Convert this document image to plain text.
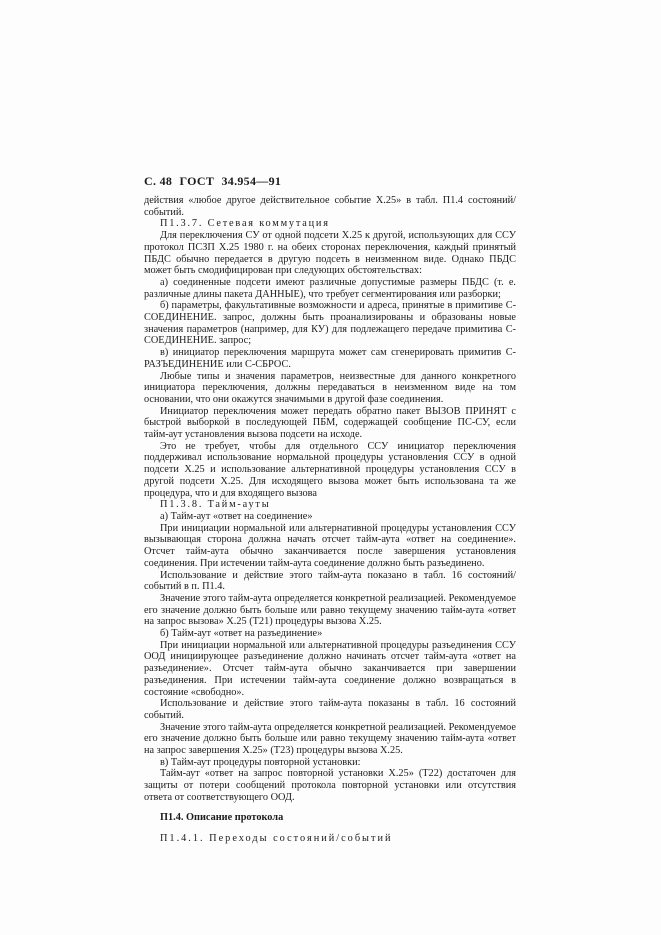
С. 48 ГОСТ 34.954—91

действия «любое другое действительное событие X.25» в табл. П1.4 состояний/событий.

П1.3.7. Сетевая коммутация

Для переключения СУ от одной подсети X.25 к другой, использующих для ССУ протокол ПСЗП X.25 1980 г. на обеих сторонах переключения, каждый принятый ПБДС обычно передается в другую подсеть в неизменном виде. Однако ПБДС может быть смодифицирован при следующих обстоятельствах:

а) соединенные подсети имеют различные допустимые размеры ПБДС (т. е. различные длины пакета ДАННЫЕ), что требует сегментирования или разборки;

б) параметры, факультативные возможности и адреса, принятые в примитиве С-СОЕДИНЕНИЕ. запрос, должны быть проанализированы и образованы новые значения параметров (например, для КУ) для подлежащего передаче примитива С-СОЕДИНЕНИЕ. запрос;

в) инициатор переключения маршрута может сам сгенерировать примитив С-РАЗЪЕДИНЕНИЕ или С-СБРОС.

Любые типы и значения параметров, неизвестные для данного конкретного инициатора переключения, должны передаваться в неизменном виде на том основании, что они окажутся значимыми в другой фазе соединения.

Инициатор переключения может передать обратно пакет ВЫЗОВ ПРИНЯТ с быстрой выборкой в последующей ПБМ, содержащей сообщение ПС-СУ, если тайм-аут установления вызова подсети на исходе.

Это не требует, чтобы для отдельного ССУ инициатор переключения поддерживал использование нормальной процедуры установления ССУ в одной подсети X.25 и использование альтернативной процедуры установления ССУ в другой подсети X.25. Для исходящего вызова может быть использована та же процедура, что и для входящего вызова

П1.3.8. Тайм-ауты

а) Тайм-аут «ответ на соединение»

При инициации нормальной или альтернативной процедуры установления ССУ вызывающая сторона должна начать отсчет тайм-аута «ответ на соединение». Отсчет тайм-аута обычно заканчивается после завершения установления соединения. При истечении тайм-аута соединение должно быть разъединено.

Использование и действие этого тайм-аута показано в табл. 16 состояний/событий в п. П1.4.

Значение этого тайм-аута определяется конкретной реализацией. Рекомендуемое его значение должно быть больше или равно текущему значению тайм-аута «ответ на запрос вызова» X.25 (Т21) процедуры вызова X.25.

б) Тайм-аут «ответ на разъединение»

При инициации нормальной или альтернативной процедуры разъединения ССУ ООД инициирующее разъединение должно начинать отсчет тайм-аута «ответ на разъединение». Отсчет тайм-аута обычно заканчивается при завершении разъединения. При истечении тайм-аута соединение должно возвращаться в состояние «свободно».

Использование и действие этого тайм-аута показаны в табл. 16 состояний событий.

Значение этого тайм-аута определяется конкретной реализацией. Рекомендуемое его значение должно быть больше или равно текущему значению тайм-аута «ответ на запрос завершения X.25» (Т23) процедуры вызова X.25.

в) Тайм-аут процедуры повторной установки:

Тайм-аут «ответ на запрос повторной установки X.25» (Т22) достаточен для защиты от потери сообщений протокола повторной установки или отсутствия ответа от соответствующего ООД.

П1.4. Описание протокола

П1.4.1. Переходы состояний/событий
